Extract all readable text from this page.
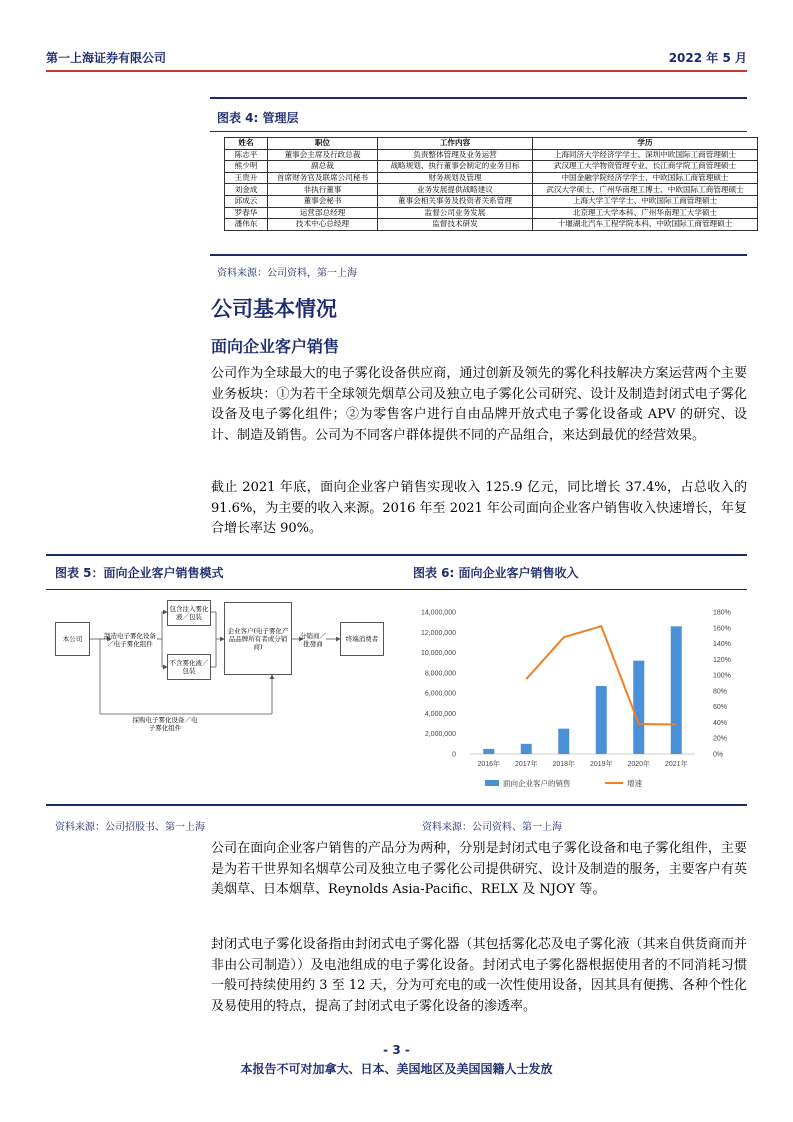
第一上海证券有限公司	2022 年 5 月
图表 4: 管理层
姓名	职位	工作内容	学历
陈志平	董事会主席及行政总裁	负责整体管理及业务运营	上海同济大学经济学学士、深圳中欧国际工商管理硕士
熊少明	副总裁	战略规划、执行董事会制定的业务目标	武汉理工大学物资管理专业、长江商学院工商管理硕士
王贵升	首席财务官及联席公司秘书	财务规划及管理	中国金融学院经济学学士、中欧国际工商管理硕士
刘金成	非执行董事	业务发展提供战略建议	武汉大学硕士、广州华南理工博士、中欧国际工商管理硕士
邱成云	董事会秘书	董事会相关事务及投资者关系管理	上海大学工学学士、中欧国际工商管理硕士
罗春华	运营部总经理	监督公司业务发展	北京理工大学本科、广州华南理工大学硕士
潘伟东	技术中心总经理	监督技术研发	十堰湖北汽车工程学院本科、中欧国际工商管理硕士
资料来源：公司资料，第一上海
公司基本情况
面向企业客户销售
公司作为全球最大的电子雾化设备供应商，通过创新及领先的雾化科技解决方案运营两个主要业务板块：①为若干全球领先烟草公司及独立电子雾化公司研究、设计及制造封闭式电子雾化设备及电子雾化组件；②为零售客户进行自由品牌开放式电子雾化设备或 APV 的研究、设计、制造及销售。公司为不同客户群体提供不同的产品组合，来达到最优的经营效果。
截止 2021 年底，面向企业客户销售实现收入 125.9 亿元，同比增长 37.4%，占总收入的 91.6%，为主要的收入来源。2016 年至 2021 年公司面向企业客户销售收入快速增长，年复合增长率达 90%。
图表 5：面向企业客户销售模式	图表 6: 面向企业客户销售收入
本公司	制造电子雾化设备／电子雾化组件
包含注入雾化液／包装
不含雾化液／包装
企业客户(电子雾化产品品牌所有者或分销商)
分销商／批發商
终端消费者
採购电子雾化设备／电子雾化组件
0
2,000,000
4,000,000
6,000,000
8,000,000
10,000,000
12,000,000
14,000,000
0%
20%
40%
60%
80%
100%
120%
140%
160%
180%
2016年 2017年 2018年 2019年 2020年 2021年
面向企业客户的销售	增速
资料来源：公司招股书、第一上海	资料来源：公司资料、第一上海
公司在面向企业客户销售的产品分为两种，分别是封闭式电子雾化设备和电子雾化组件，主要是为若干世界知名烟草公司及独立电子雾化公司提供研究、设计及制造的服务，主要客户有英美烟草、日本烟草、Reynolds Asia-Pacific、RELX 及 NJOY 等。
封闭式电子雾化设备指由封闭式电子雾化器（其包括雾化芯及电子雾化液（其来自供货商而并非由公司制造））及电池组成的电子雾化设备。封闭式电子雾化器根据使用者的不同消耗习惯一般可持续使用约 3 至 12 天，分为可充电的或一次性使用设备，因其具有便携、各种个性化及易使用的特点，提高了封闭式电子雾化设备的渗透率。
- 3 -
本报告不可对加拿大、日本、美国地区及美国国籍人士发放
